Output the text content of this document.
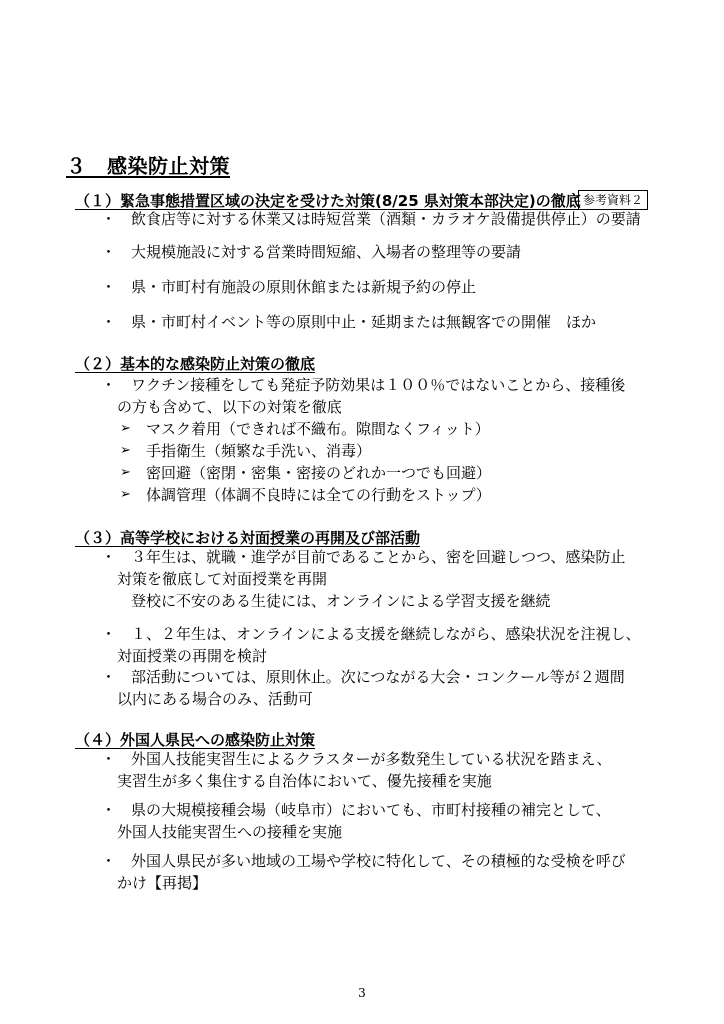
３　感染防止対策
（１）緊急事態措置区域の決定を受けた対策(8/25 県対策本部決定)の徹底 参考資料２
・ 飲食店等に対する休業又は時短営業（酒類・カラオケ設備提供停止）の要請

・ 大規模施設に対する営業時間短縮、入場者の整理等の要請

・ 県・市町村有施設の原則休館または新規予約の停止

・ 県・市町村イベント等の原則中止・延期または無観客での開催　ほか

（２）基本的な感染防止対策の徹底
・ ワクチン接種をしても発症予防効果は１００％ではないことから、接種後

の方も含めて、以下の対策を徹底

➢ マスク着用（できれば不織布。隙間なくフィット）

➢ 手指衛生（頻繁な手洗い、消毒）

➢ 密回避（密閉・密集・密接のどれか一つでも回避）

➢ 体調管理（体調不良時には全ての行動をストップ）

（３）高等学校における対面授業の再開及び部活動
・ ３年生は、就職・進学が目前であることから、密を回避しつつ、感染防止

対策を徹底して対面授業を再開

登校に不安のある生徒には、オンラインによる学習支援を継続

・ １、２年生は、オンラインによる支援を継続しながら、感染状況を注視し、

対面授業の再開を検討

・ 部活動については、原則休止。次につながる大会・コンクール等が２週間

以内にある場合のみ、活動可

（４）外国人県民への感染防止対策
・ 外国人技能実習生によるクラスターが多数発生している状況を踏まえ、

実習生が多く集住する自治体において、優先接種を実施

・ 県の大規模接種会場（岐阜市）においても、市町村接種の補完として、

外国人技能実習生への接種を実施

・ 外国人県民が多い地域の工場や学校に特化して、その積極的な受検を呼び

かけ【再掲】

3
